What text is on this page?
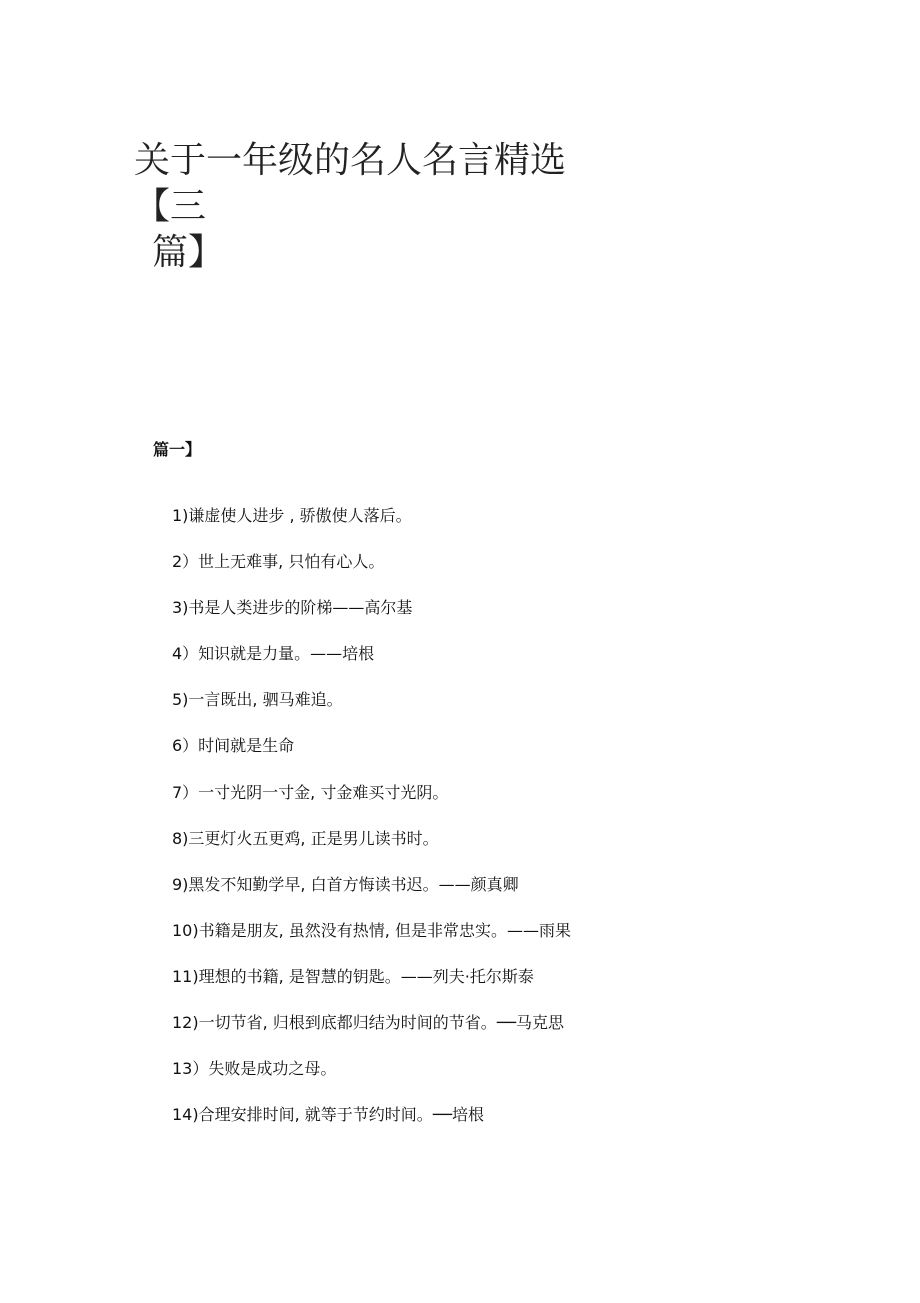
关于一年级的名人名言精选【三
篇】
篇一】
1)谦虚使人进步 , 骄傲使人落后。
2）世上无难事, 只怕有心人。
3)书是人类进步的阶梯——高尔基
4）知识就是力量。——培根
5)一言既出, 驷马难追。
6）时间就是生命
7）一寸光阴一寸金, 寸金难买寸光阴。
8)三更灯火五更鸡, 正是男儿读书时。
9)黑发不知勤学早, 白首方悔读书迟。——颜真卿
10)书籍是朋友, 虽然没有热情, 但是非常忠实。——雨果
11)理想的书籍, 是智慧的钥匙。——列夫·托尔斯泰
12)一切节省, 归根到底都归结为时间的节省。──马克思
13）失败是成功之母。
14)合理安排时间, 就等于节约时间。──培根
